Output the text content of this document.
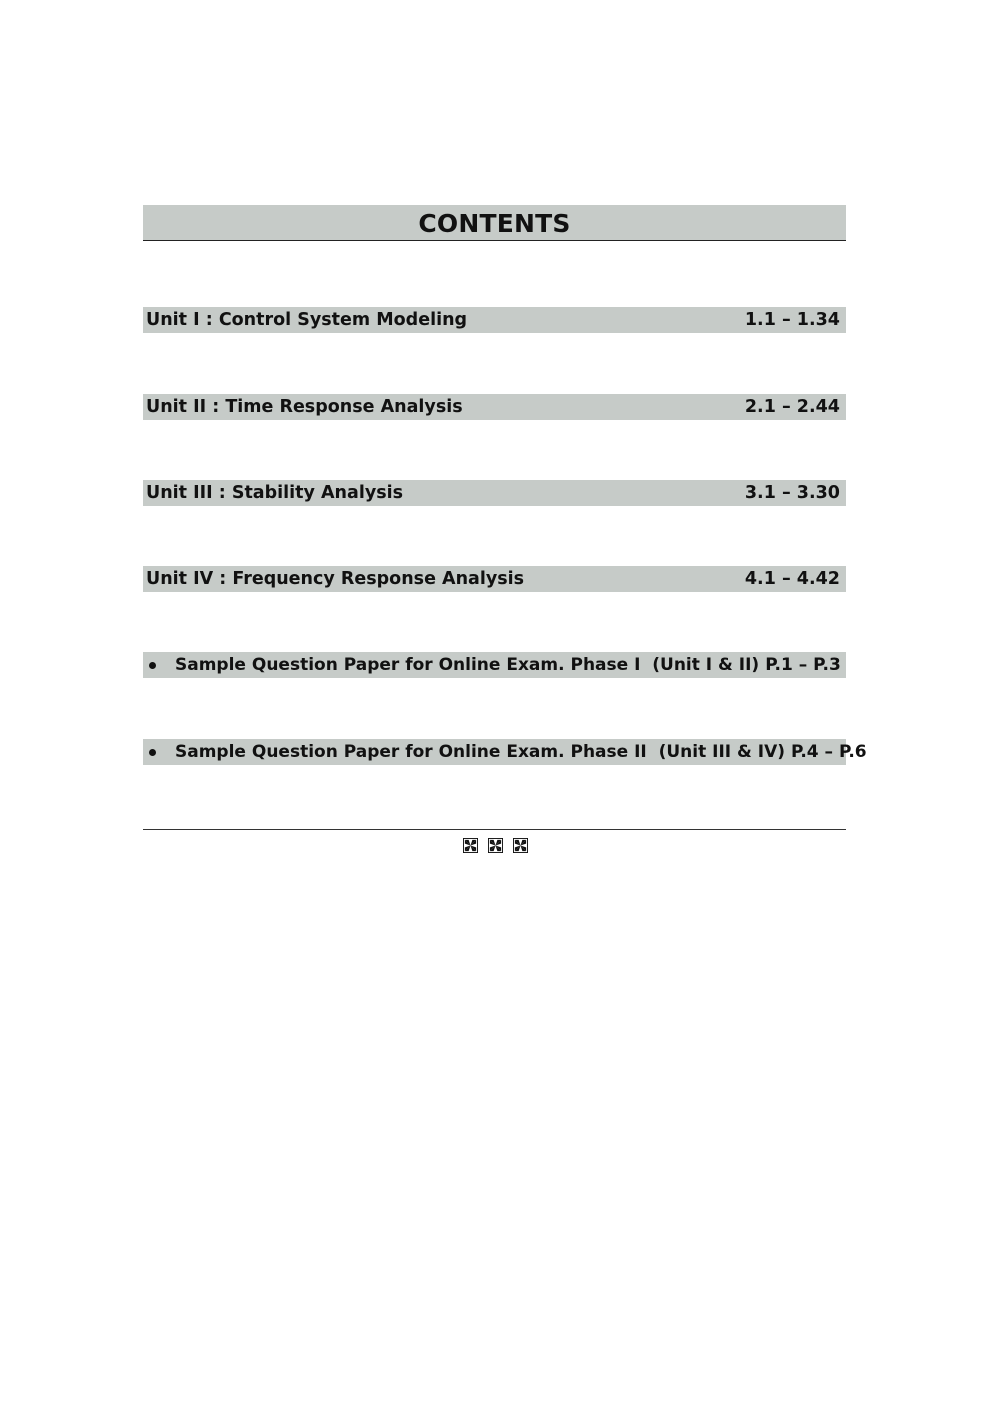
CONTENTS
Unit I : Control System Modeling	1.1 – 1.34
Unit II : Time Response Analysis	2.1 – 2.44
Unit III : Stability Analysis	3.1 – 3.30
Unit IV : Frequency Response Analysis	4.1 – 4.42
Sample Question Paper for Online Exam. Phase I  (Unit I & II) P.1 – P.3
Sample Question Paper for Online Exam. Phase II  (Unit III & IV) P.4 – P.6
